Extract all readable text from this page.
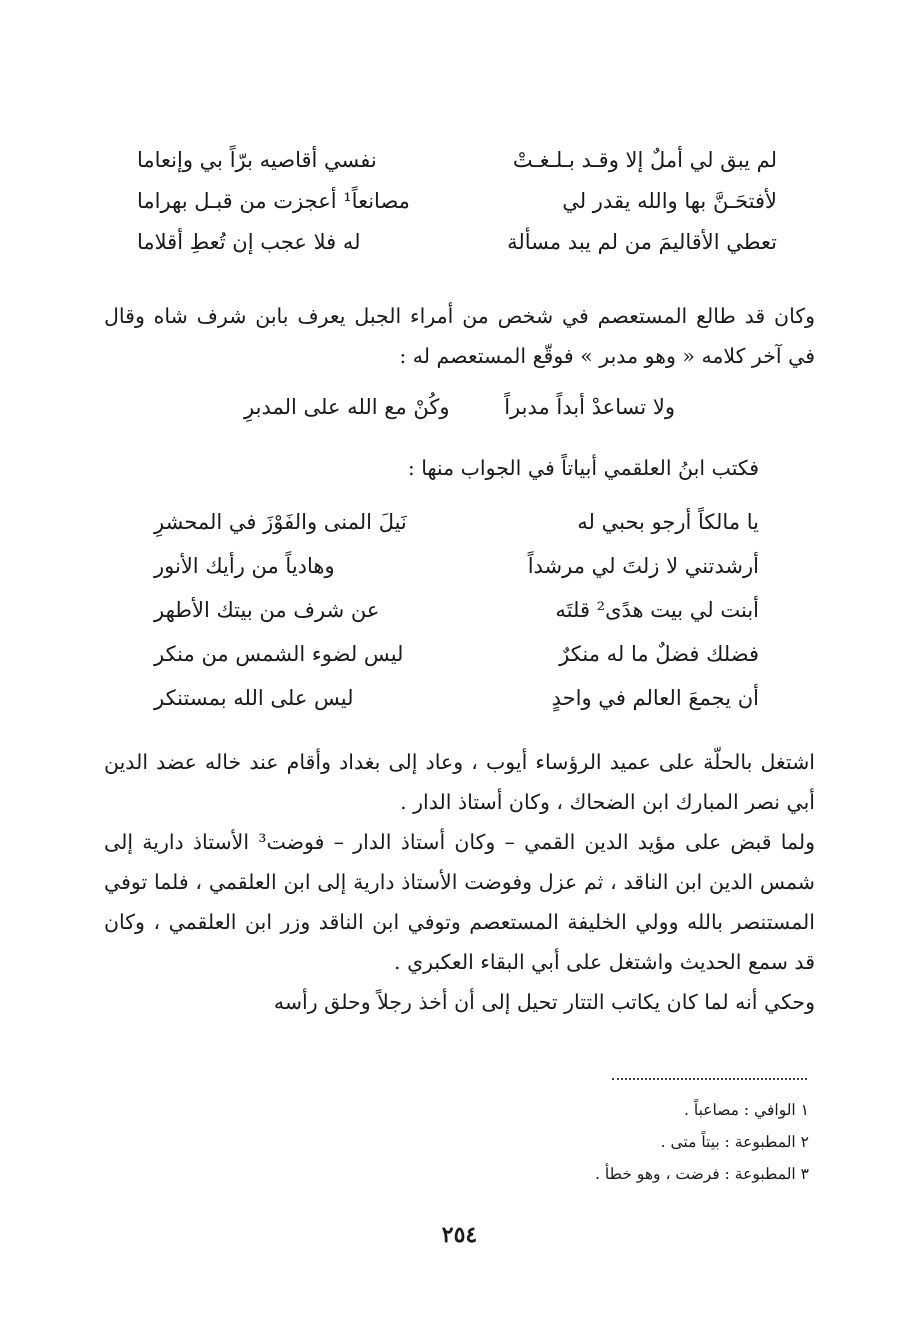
لم يبق لي أملٌ إلا وقـد بـلـغـتْ
نفسي أقاصيه برّاً بي وإنعاما
لأفتحَـنَّ بها والله يقدر لي
مصانعاً¹ أعجزت من قبـل بهراما
تعطي الأقاليمَ من لم يبد مسألة
له فلا عجب إن تُعطِ أقلاما

وكان قد طالع المستعصم في شخص من أمراء الجبل يعرف بابن شرف شاه وقال في آخر كلامه « وهو مدبر » فوقّع المستعصم له :

ولا تساعدْ أبداً مدبراً وكُنْ مع الله على المدبرِ

فكتب ابنُ العلقمي أبياتاً في الجواب منها :

يا مالكاً أرجو بحبي له
نَيلَ المنى والفَوْزَ في المحشرِ
أرشدتني لا زلتَ لي مرشداً
وهادياً من رأيك الأنور
أبنت لي بيت هدًى² قلتَه
عن شرف من بيتك الأطهر
فضلك فضلٌ ما له منكرٌ
ليس لضوء الشمس من منكر
أن يجمعَ العالم في واحدٍ
ليس على الله بمستنكر

اشتغل بالحلّة على عميد الرؤساء أيوب ، وعاد إلى بغداد وأقام عند خاله عضد الدين أبي نصر المبارك ابن الضحاك ، وكان أستاذ الدار .

ولما قبض على مؤيد الدين القمي – وكان أستاذ الدار – فوضت³ الأستاذ دارية إلى شمس الدين ابن الناقد ، ثم عزل وفوضت الأستاذ دارية إلى ابن العلقمي ، فلما توفي المستنصر بالله وولي الخليفة المستعصم وتوفي ابن الناقد وزر ابن العلقمي ، وكان قد سمع الحديث واشتغل على أبي البقاء العكبري .

وحكي أنه لما كان يكاتب التتار تحيل إلى أن أخذ رجلاً وحلق رأسه

١ الوافي : مصاعباً .
٢ المطبوعة : بيتاً متى .
٣ المطبوعة : فرضت ، وهو خطأ .
٢٥٤
